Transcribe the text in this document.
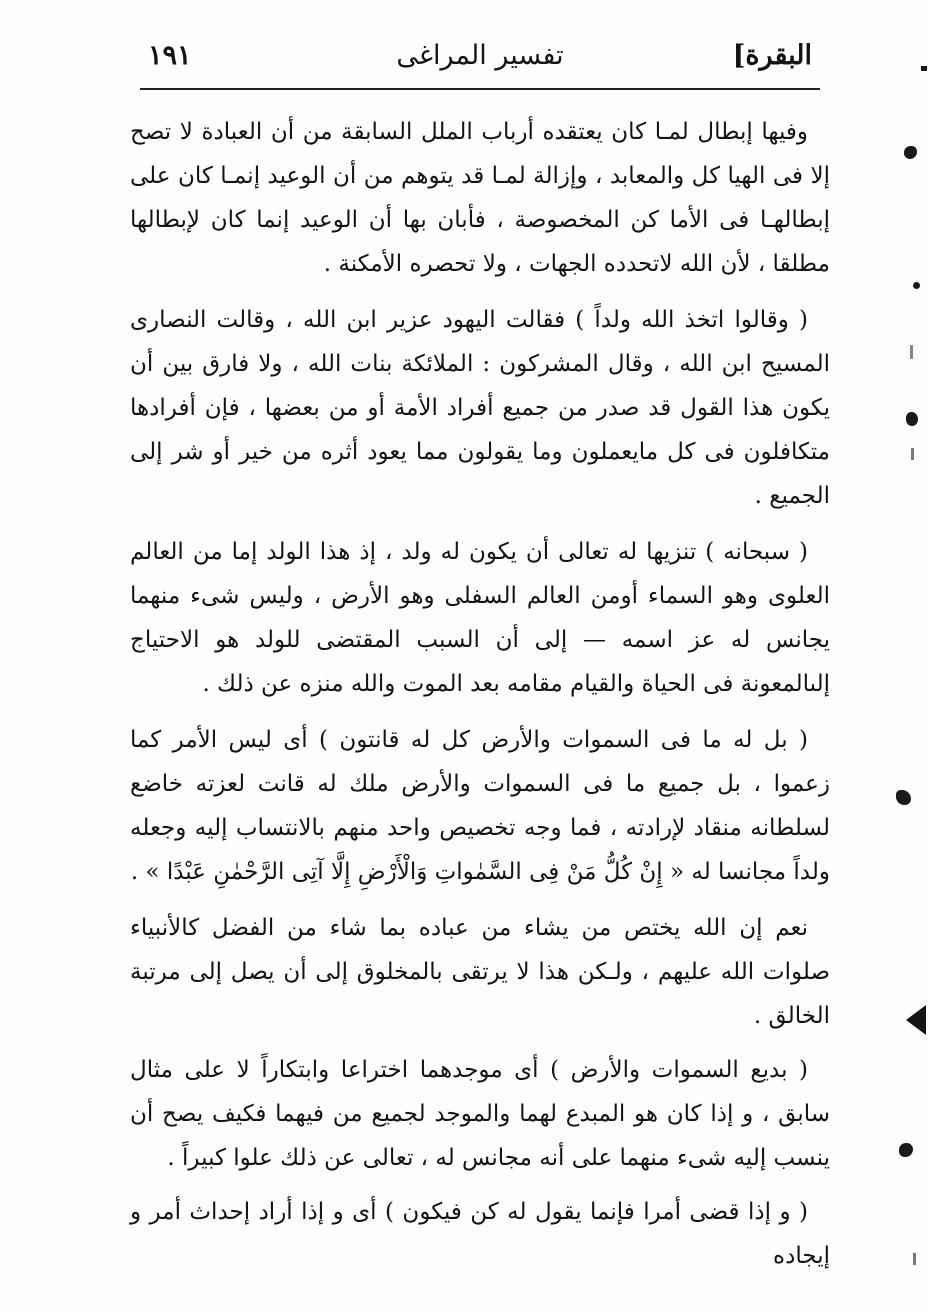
البقرة]
تفسير المراغى
١٩١

وفيها إبطال لمـا كان يعتقده أرباب الملل السابقة من أن العبادة لا تصح إلا فى الهيا كل والمعابد ، وإزالة لمـا قد يتوهم من أن الوعيد إنمـا كان على إبطالهـا فى الأما كن المخصوصة ، فأبان بها أن الوعيد إنما كان لإبطالها مطلقا ، لأن الله لاتحدده الجهات ، ولا تحصره الأمكنة .

( وقالوا اتخذ الله ولداً ) فقالت اليهود عزير ابن الله ، وقالت النصارى المسيح ابن الله ، وقال المشركون : الملائكة بنات الله ، ولا فارق بين أن يكون هذا القول قد صدر من جميع أفراد الأمة أو من بعضها ، فإن أفرادها متكافلون فى كل مايعملون وما يقولون مما يعود أثره من خير أو شر إلى الجميع .

( سبحانه ) تنزيها له تعالى أن يكون له ولد ، إذ هذا الولد إما من العالم العلوى وهو السماء أومن العالم السفلى وهو الأرض ، وليس شىء منهما يجانس له عز اسمه — إلى أن السبب المقتضى للولد هو الاحتياج إلىالمعونة فى الحياة والقيام مقامه بعد الموت والله منزه عن ذلك .

( بل له ما فى السموات والأرض كل له قانتون ) أى ليس الأمر كما زعموا ، بل جميع ما فى السموات والأرض ملك له قانت لعزته خاضع لسلطانه منقاد لإرادته ، فما وجه تخصيص واحد منهم بالانتساب إليه وجعله ولداً مجانسا له « إِنْ كُلُّ مَنْ فِى السَّمٰواتِ وَالْأَرْضِ إِلَّا آتِى الرَّحْمٰنِ عَبْدًا » .

نعم إن الله يختص من يشاء من عباده بما شاء من الفضل كالأنبياء صلوات الله عليهم ، ولـكن هذا لا يرتقى بالمخلوق إلى أن يصل إلى مرتبة الخالق .

( بديع السموات والأرض ) أى موجدهما اختراعا وابتكاراً لا على مثال سابق ، و إذا كان هو المبدع لهما والموجد لجميع من فيهما فكيف يصح أن ينسب إليه شىء منهما على أنه مجانس له ، تعالى عن ذلك علوا كبيراً .

( و إذا قضى أمرا فإنما يقول له كن فيكون ) أى و إذا أراد إحداث أمر و إيجاده
